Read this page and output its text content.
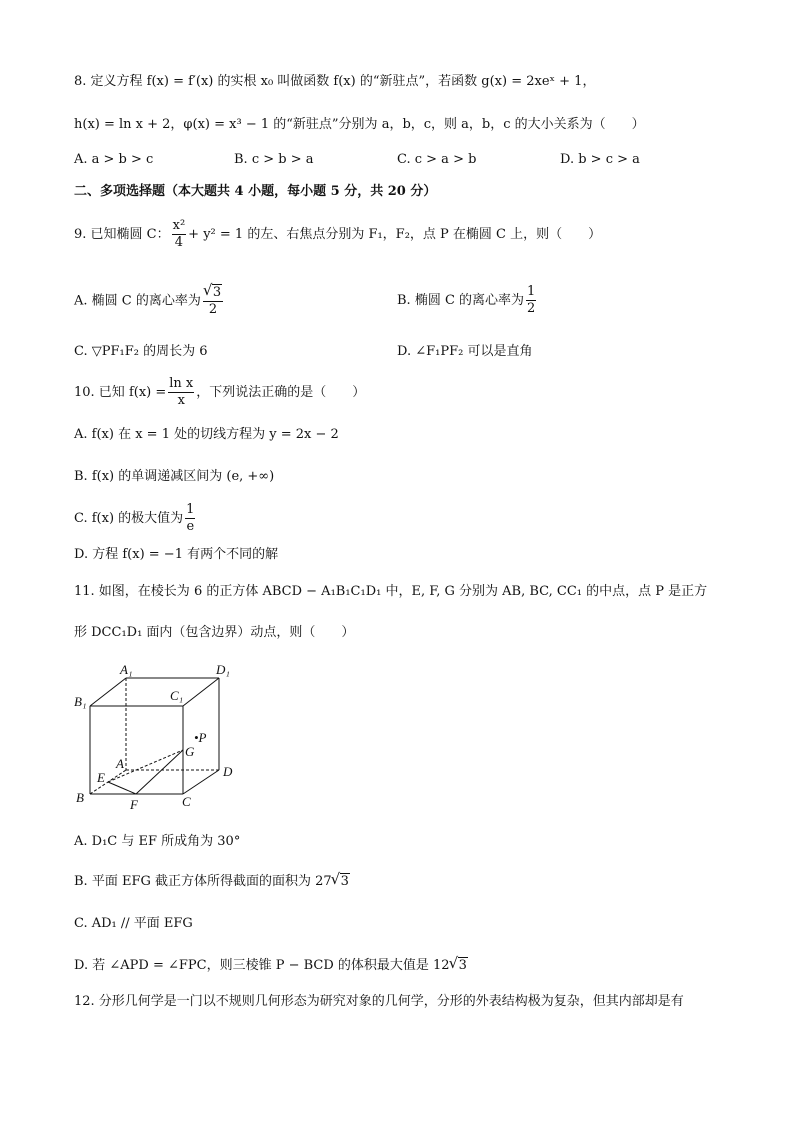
8. 定义方程 f(x) = f′(x) 的实根 x₀ 叫做函数 f(x) 的“新驻点”，若函数 g(x) = 2xeˣ + 1，
h(x) = ln x + 2，φ(x) = x³ − 1 的“新驻点”分别为 a，b，c，则 a，b，c 的大小关系为（　　）
A. a > b > c	B. c > b > a	C. c > a > b	D. b > c > a
二、多项选择题（本大题共 4 小题，每小题 5 分，共 20 分）
9. 已知椭圆 C： $\frac{\text{x²}}{4} + y^2 = 1$ 的左、右焦点分别为 F₁，F₂，点 P 在椭圆 C 上，则（　　）
A. 椭圆 C 的离心率为 √ $\frac{3}{2}$	B. 椭圆 C 的离心率为 $\frac{1}{2}$
C. ▽PF₁F₂ 的周长为 6	D. ∠F₁PF₂ 可以是直角
10. 已知 $f(x) = \frac{\text{ln x}}{x}$ ，下列说法正确的是（　　）
A. f(x) 在 x = 1 处的切线方程为 y = 2x − 2
B. f(x) 的单调递减区间为 (e, +∞)
C. f(x) 的极大值为 $\frac{1}{e}$
D. 方程 f(x) = −1 有两个不同的解
11. 如图，在棱长为 6 的正方体 ABCD − A₁B₁C₁D₁ 中，E, F, G 分别为 AB, BC, CC₁ 的中点，点 P 是正方
形 DCC₁D₁ 面内（包含边界）动点，则（　　）
A₁	D₁
B₁	C₁
•P
G
A
D
E
B	F	C
A. D₁C 与 EF 所成角为 30°
B. 平面 EFG 截正方体所得截面的面积为 27 √ 3
C. AD₁ // 平面 EFG
D. 若 ∠APD = ∠FPC，则三棱锥 P − BCD 的体积最大值是 12 √ 3
12. 分形几何学是一门以不规则几何形态为研究对象的几何学，分形的外表结构极为复杂，但其内部却是有
